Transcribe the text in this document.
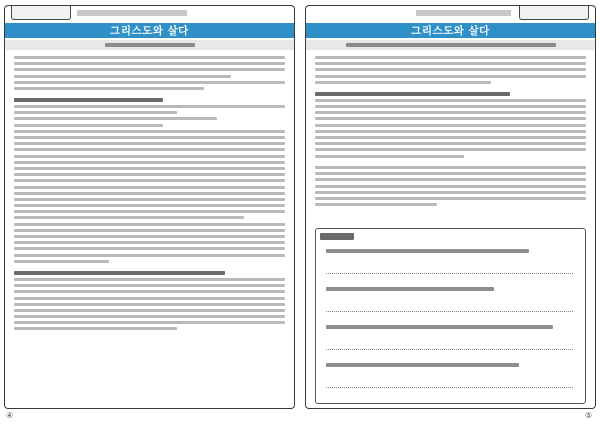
그리스도와 살다	그리스도와 살다
④	⑤
